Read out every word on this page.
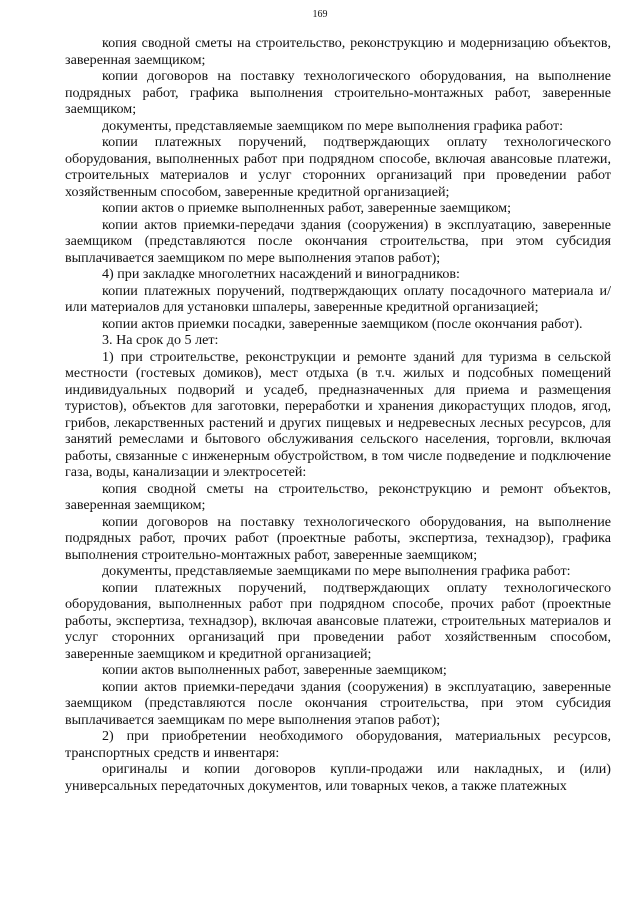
169

копия сводной сметы на строительство, реконструкцию и модернизацию объектов, заверенная заемщиком;

копии договоров на поставку технологического оборудования, на выполнение подрядных работ, графика выполнения строительно-монтажных работ, заверенные заемщиком;

документы, представляемые заемщиком по мере выполнения графика работ:

копии платежных поручений, подтверждающих оплату технологического оборудования, выполненных работ при подрядном способе, включая авансовые платежи, строительных материалов и услуг сторонних организаций при проведении работ хозяйственным способом, заверенные кредитной организацией;

копии актов о приемке выполненных работ, заверенные заемщиком;

копии актов приемки-передачи здания (сооружения) в эксплуатацию, заверенные заемщиком (представляются после окончания строительства, при этом субсидия выплачивается заемщиком по мере выполнения этапов работ);

4) при закладке многолетних насаждений и виноградников:

копии платежных поручений, подтверждающих оплату посадочного материала и/или материалов для установки шпалеры, заверенные кредитной организацией;

копии актов приемки посадки, заверенные заемщиком (после окончания работ).

3. На срок до 5 лет:

1) при строительстве, реконструкции и ремонте зданий для туризма в сельской местности (гостевых домиков), мест отдыха (в т.ч. жилых и подсобных помещений индивидуальных подворий и усадеб, предназначенных для приема и размещения туристов), объектов для заготовки, переработки и хранения дикорастущих плодов, ягод, грибов, лекарственных растений и других пищевых и недревесных лесных ресурсов, для занятий ремеслами и бытового обслуживания сельского населения, торговли, включая работы, связанные с инженерным обустройством, в том числе подведение и подключение газа, воды, канализации и электросетей:

копия сводной сметы на строительство, реконструкцию и ремонт объектов, заверенная заемщиком;

копии договоров на поставку технологического оборудования, на выполнение подрядных работ, прочих работ (проектные работы, экспертиза, технадзор), графика выполнения строительно-монтажных работ, заверенные заемщиком;

документы, представляемые заемщиками по мере выполнения графика работ:

копии платежных поручений, подтверждающих оплату технологического оборудования, выполненных работ при подрядном способе, прочих работ (проектные работы, экспертиза, технадзор), включая авансовые платежи, строительных материалов и услуг сторонних организаций при проведении работ хозяйственным способом, заверенные заемщиком и кредитной организацией;

копии актов выполненных работ, заверенные заемщиком;

копии актов приемки-передачи здания (сооружения) в эксплуатацию, заверенные заемщиком (представляются после окончания строительства, при этом субсидия выплачивается заемщикам по мере выполнения этапов работ);

2) при приобретении необходимого оборудования, материальных ресурсов, транспортных средств и инвентаря:

оригиналы и копии договоров купли-продажи или накладных, и (или) универсальных передаточных документов, или товарных чеков, а также платежных
